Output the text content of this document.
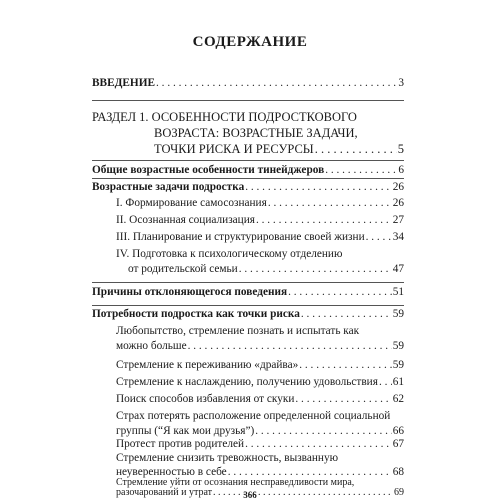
СОДЕРЖАНИЕ
ВВЕДЕНИЕ . . .	3
РАЗДЕЛ 1. ОСОБЕННОСТИ ПОДРОСТКОВОГО
ВОЗРАСТА: ВОЗРАСТНЫЕ ЗАДАЧИ,
ТОЧКИ РИСКА И РЕСУРСЫ . . .	5
Общие возрастные особенности тинейджеров . . .	6
Возрастные задачи подростка . . .	26
I. Формирование самосознания . . .	26
II. Осознанная социализация . . .	27
III. Планирование и структурирование своей жизни . . . 34
IV. Подготовка к психологическому отделению
от родительской семьи . . .	47
Причины отклоняющегося поведения . . .	51
Потребности подростка как точки риска . . .	59
Любопытство, стремление познать и испытать как
можно больше . . .	59
Стремление к переживанию «драйва» . . .	59
Стремление к наслаждению, получению удовольствия . . . 61
Поиск способов избавления от скуки . . .	62
Страх потерять расположение определенной социальной
группы (“Я как мои друзья”) . . .	66
Протест против родителей . . .	67
Стремление снизить тревожность, вызванную
неуверенностью в себе . . .	68
366
Стремление уйти от осознания несправедливости мира,
разочарований и утрат . . .	69
